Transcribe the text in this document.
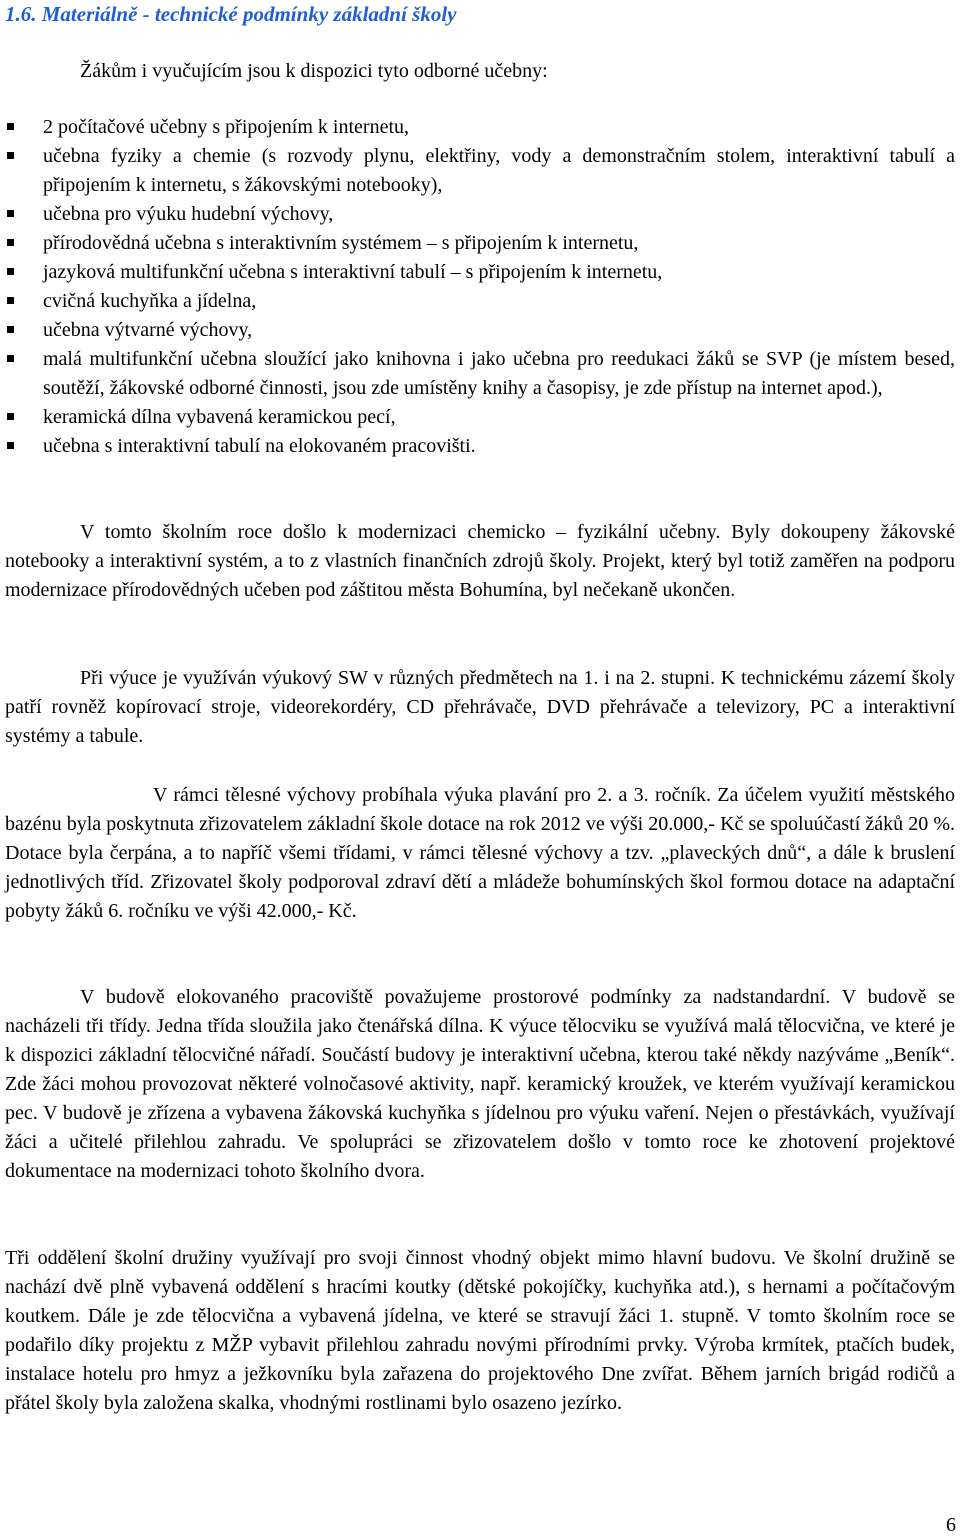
1.6. Materiálně - technické podmínky základní školy

Žákům i vyučujícím jsou k dispozici tyto odborné učebny:

2 počítačové učebny s připojením k internetu,
učebna fyziky a chemie (s rozvody plynu, elektřiny, vody a demonstračním stolem, interaktivní tabulí a připojením k internetu, s žákovskými notebooky),
učebna pro výuku hudební výchovy,
přírodovědná učebna s interaktivním systémem – s připojením k internetu,
jazyková multifunkční učebna s interaktivní tabulí – s připojením k internetu,
cvičná kuchyňka a jídelna,
učebna výtvarné výchovy,
malá multifunkční učebna sloužící jako knihovna i jako učebna pro reedukaci žáků se SVP (je místem besed, soutěží, žákovské odborné činnosti, jsou zde umístěny knihy a časopisy, je zde přístup na internet apod.),
keramická dílna vybavená keramickou pecí,
učebna s interaktivní tabulí na elokovaném pracovišti.

V tomto školním roce došlo k modernizaci chemicko – fyzikální učebny. Byly dokoupeny žákovské notebooky a interaktivní systém, a to z vlastních finančních zdrojů školy. Projekt, který byl totiž zaměřen na podporu modernizace přírodovědných učeben pod záštitou města Bohumína, byl nečekaně ukončen.

Při výuce je využíván výukový SW v různých předmětech na 1. i na 2. stupni. K technickému zázemí školy patří rovněž kopírovací stroje, videorekordéry, CD přehrávače, DVD přehrávače a televizory, PC a interaktivní systémy a tabule.

V rámci tělesné výchovy probíhala výuka plavání pro 2. a 3. ročník. Za účelem využití městského bazénu byla poskytnuta zřizovatelem základní škole dotace na rok 2012 ve výši 20.000,- Kč se spoluúčastí žáků 20 %. Dotace byla čerpána, a to napříč všemi třídami, v rámci tělesné výchovy a tzv. „plaveckých dnů“, a dále k bruslení jednotlivých tříd. Zřizovatel školy podporoval zdraví dětí a mládeže bohumínských škol formou dotace na adaptační pobyty žáků 6. ročníku ve výši 42.000,- Kč.

V budově elokovaného pracoviště považujeme prostorové podmínky za nadstandardní. V budově se nacházeli tři třídy. Jedna třída sloužila jako čtenářská dílna. K výuce tělocviku se využívá malá tělocvična, ve které je k dispozici základní tělocvičné nářadí. Součástí budovy je interaktivní učebna, kterou také někdy nazýváme „Beník“. Zde žáci mohou provozovat některé volnočasové aktivity, např. keramický kroužek, ve kterém využívají keramickou pec. V budově je zřízena a vybavena žákovská kuchyňka s jídelnou pro výuku vaření. Nejen o přestávkách, využívají žáci a učitelé přilehlou zahradu. Ve spolupráci se zřizovatelem došlo v tomto roce ke zhotovení projektové dokumentace na modernizaci tohoto školního dvora.

Tři oddělení školní družiny využívají pro svoji činnost vhodný objekt mimo hlavní budovu. Ve školní družině se nachází dvě plně vybavená oddělení s hracími koutky (dětské pokojíčky, kuchyňka atd.), s hernami a počítačovým koutkem. Dále je zde tělocvična a vybavená jídelna, ve které se stravují žáci 1. stupně. V tomto školním roce se podařilo díky projektu z MŽP vybavit přilehlou zahradu novými přírodními prvky. Výroba krmítek, ptačích budek, instalace hotelu pro hmyz a ježkovníku byla zařazena do projektového Dne zvířat. Během jarních brigád rodičů a přátel školy byla založena skalka, vhodnými rostlinami bylo osazeno jezírko.

6
